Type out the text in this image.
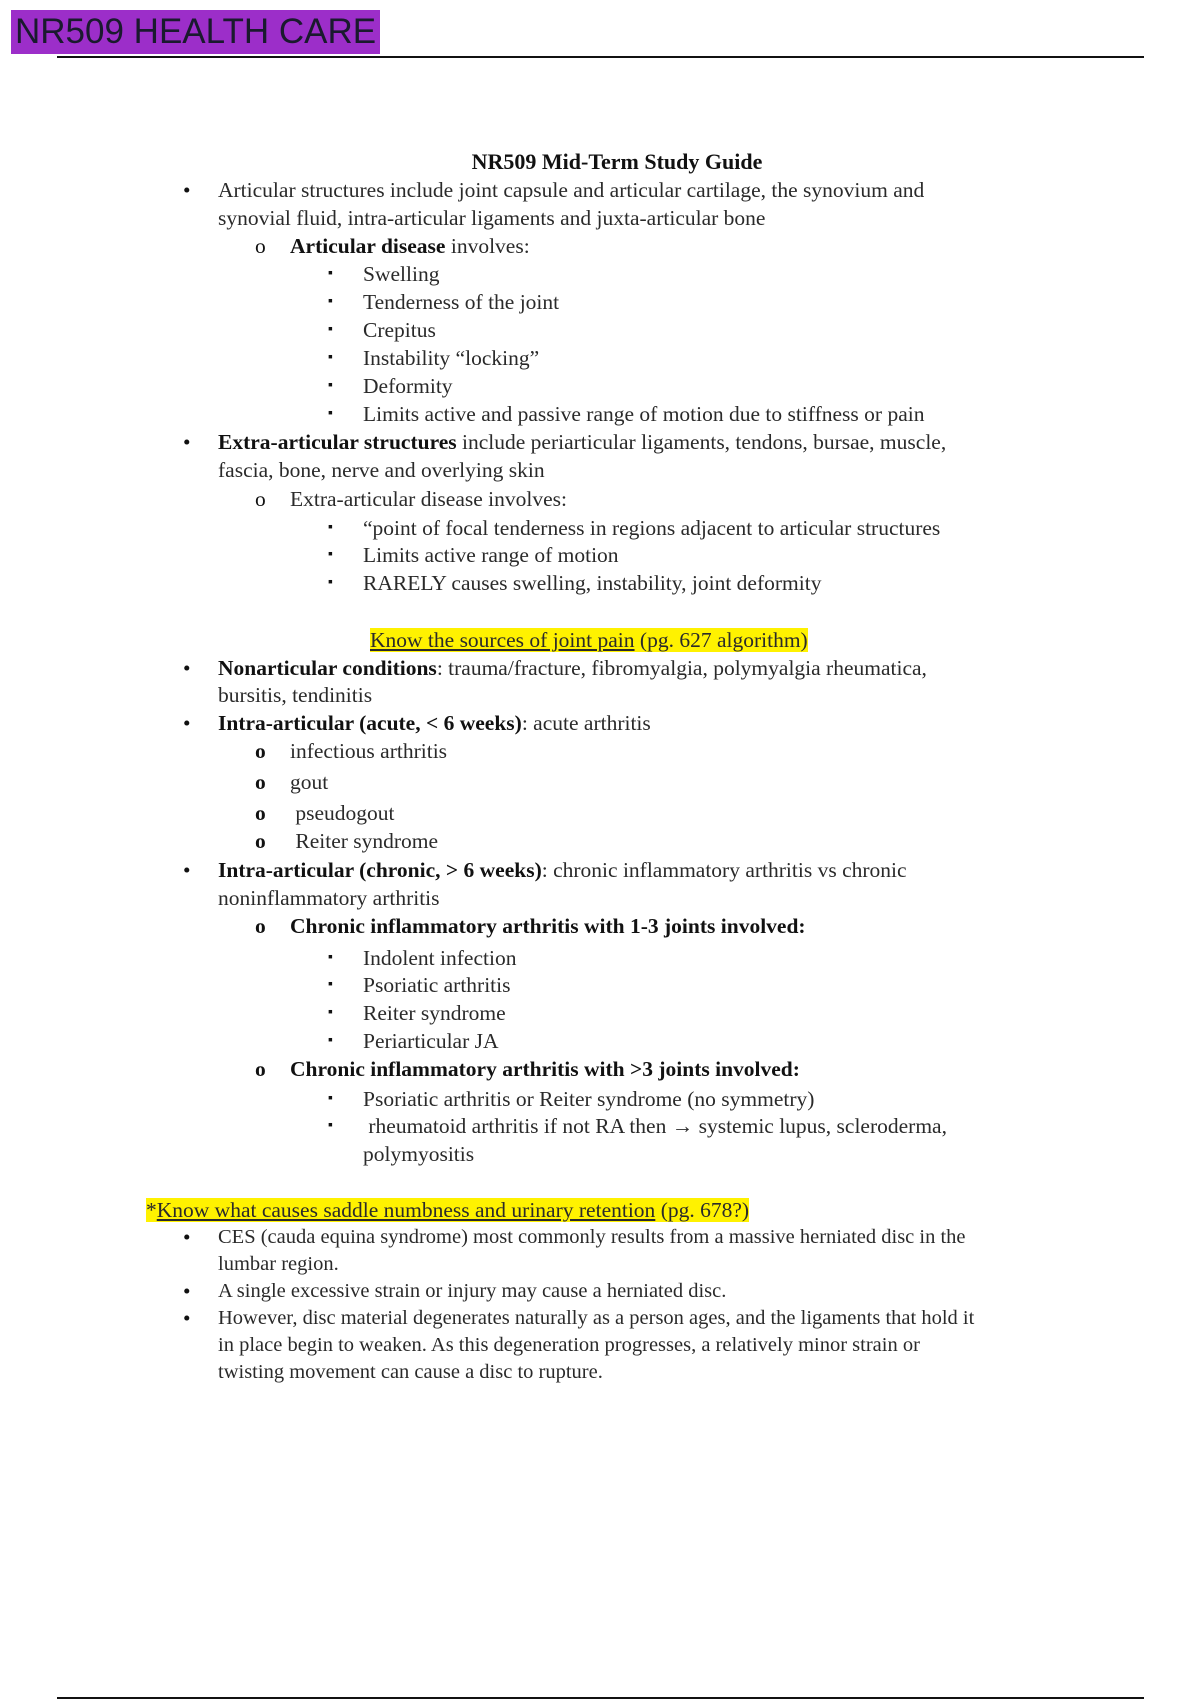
NR509 HEALTH CARE
NR509 Mid-Term Study Guide
• Articular structures include joint capsule and articular cartilage, the synovium and
synovial fluid, intra-articular ligaments and juxta-articular bone
o Articular disease involves:
▪ Swelling
▪ Tenderness of the joint
▪ Crepitus
▪ Instability “locking”
▪ Deformity
▪ Limits active and passive range of motion due to stiffness or pain
• Extra-articular structures include periarticular ligaments, tendons, bursae, muscle,
fascia, bone, nerve and overlying skin
o Extra-articular disease involves:
▪ “point of focal tenderness in regions adjacent to articular structures
▪ Limits active range of motion
▪ RARELY causes swelling, instability, joint deformity
Know the sources of joint pain (pg. 627 algorithm)
• Nonarticular conditions: trauma/fracture, fibromyalgia, polymyalgia rheumatica,
bursitis, tendinitis
• Intra-articular (acute, < 6 weeks): acute arthritis
o infectious arthritis
o gout
o pseudogout
o Reiter syndrome
• Intra-articular (chronic, > 6 weeks): chronic inflammatory arthritis vs chronic
noninflammatory arthritis
o Chronic inflammatory arthritis with 1-3 joints involved:
▪ Indolent infection
▪ Psoriatic arthritis
▪ Reiter syndrome
▪ Periarticular JA
o Chronic inflammatory arthritis with >3 joints involved:
▪ Psoriatic arthritis or Reiter syndrome (no symmetry)
▪ rheumatoid arthritis if not RA then → systemic lupus, scleroderma,
polymyositis
*Know what causes saddle numbness and urinary retention (pg. 678?)
• CES (cauda equina syndrome) most commonly results from a massive herniated disc in the
lumbar region.
• A single excessive strain or injury may cause a herniated disc.
• However, disc material degenerates naturally as a person ages, and the ligaments that hold it
in place begin to weaken. As this degeneration progresses, a relatively minor strain or
twisting movement can cause a disc to rupture.
